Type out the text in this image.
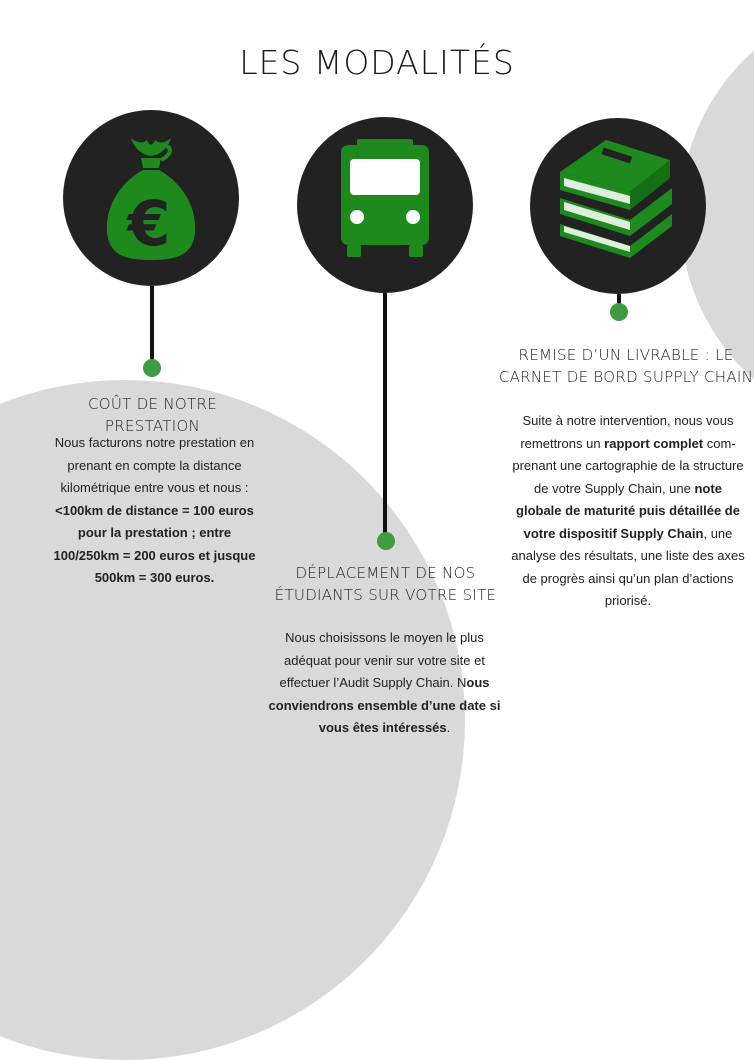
LES MODALITÉS
€
COÛT DE NOTRE PRESTATION
Nous facturons notre prestation en prenant en compte la distance kilométrique entre vous et nous : <100km de distance = 100 euros pour la prestation ; entre 100/250km = 200 euros et jusque 500km = 300 euros.	DÉPLACEMENT DE NOS
ÉTUDIANTS SUR VOTRE SITE
Nous choisissons le moyen le plus adéquat pour venir sur votre site et effectuer l’Audit Supply Chain. Nous conviendrons ensemble d’une date si vous êtes intéressés.
REMISE D’UN LIVRABLE : LE
CARNET DE BORD SUPPLY CHAIN
Suite à notre intervention, nous vous remettrons un rapport complet com-prenant une cartographie de la structure de votre Supply Chain, une note globale de maturité puis détaillée de votre dispositif Supply Chain, une analyse des résultats, une liste des axes de progrès ainsi qu’un plan d’actions priorisé.
